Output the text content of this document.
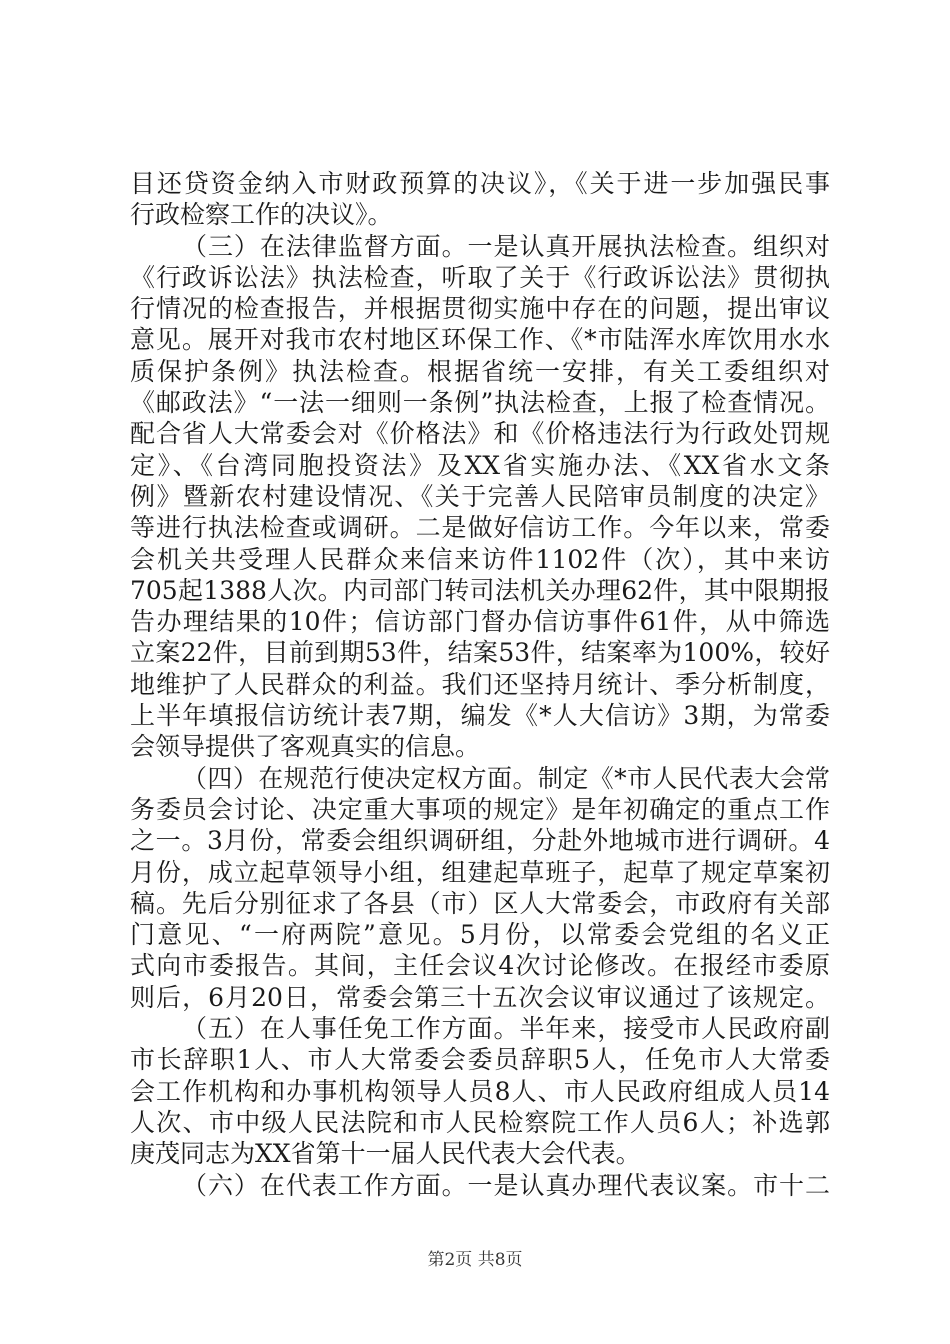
目还贷资金纳入市财政预算的决议》，《关于进一步加强民事
行政检察工作的决议》。
（三）在法律监督方面。一是认真开展执法检查。组织对
《行政诉讼法》执法检查，听取了关于《行政诉讼法》贯彻执
行情况的检查报告，并根据贯彻实施中存在的问题，提出审议
意见。展开对我市农村地区环保工作、《*市陆浑水库饮用水水
质保护条例》执法检查。根据省统一安排，有关工委组织对
《邮政法》“一法一细则一条例”执法检查，上报了检查情况。
配合省人大常委会对《价格法》和《价格违法行为行政处罚规
定》、《台湾同胞投资法》及XX省实施办法、《XX省水文条
例》暨新农村建设情况、《关于完善人民陪审员制度的决定》
等进行执法检查或调研。二是做好信访工作。今年以来，常委
会机关共受理人民群众来信来访件1102件（次），其中来访
705起1388人次。内司部门转司法机关办理62件，其中限期报
告办理结果的10件；信访部门督办信访事件61件，从中筛选
立案22件，目前到期53件，结案53件，结案率为100%，较好
地维护了人民群众的利益。我们还坚持月统计、季分析制度，
上半年填报信访统计表7期，编发《*人大信访》3期，为常委
会领导提供了客观真实的信息。
（四）在规范行使决定权方面。制定《*市人民代表大会常
务委员会讨论、决定重大事项的规定》是年初确定的重点工作
之一。3月份，常委会组织调研组，分赴外地城市进行调研。4
月份，成立起草领导小组，组建起草班子，起草了规定草案初
稿。先后分别征求了各县（市）区人大常委会，市政府有关部
门意见、“一府两院”意见。5月份，以常委会党组的名义正
式向市委报告。其间，主任会议4次讨论修改。在报经市委原
则后，6月20日，常委会第三十五次会议审议通过了该规定。
（五）在人事任免工作方面。半年来，接受市人民政府副
市长辞职1人、市人大常委会委员辞职5人，任免市人大常委
会工作机构和办事机构领导人员8人、市人民政府组成人员14
人次、市中级人民法院和市人民检察院工作人员6人；补选郭
庚茂同志为XX省第十一届人民代表大会代表。
（六）在代表工作方面。一是认真办理代表议案。市十二
第2页 共8页
